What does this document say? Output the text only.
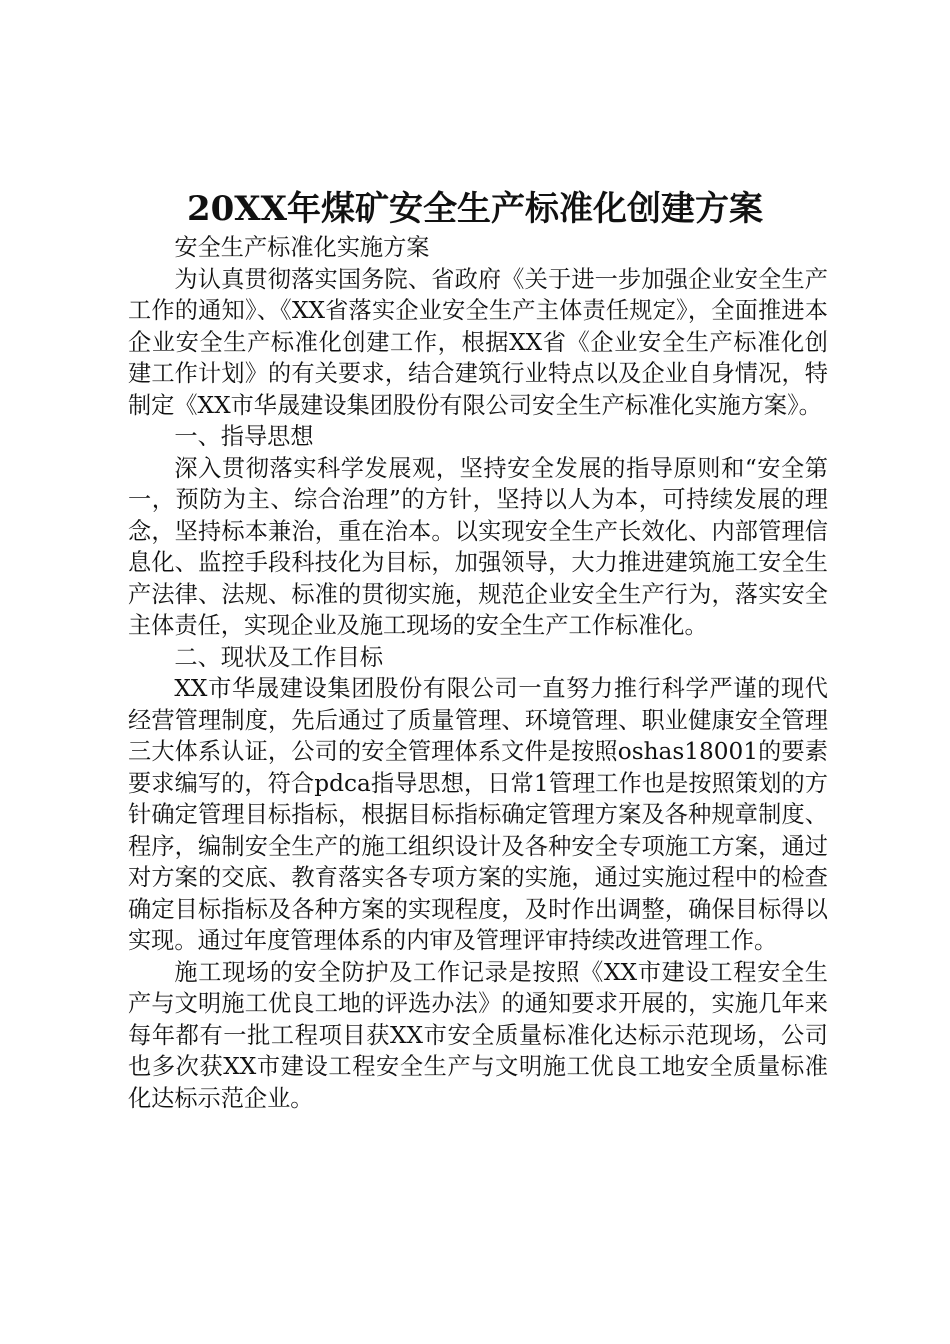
20XX年煤矿安全生产标准化创建方案

安全生产标准化实施方案

为认真贯彻落实国务院、省政府《关于进一步加强企业安全生产工作的通知》、《XX省落实企业安全生产主体责任规定》，全面推进本企业安全生产标准化创建工作，根据XX省《企业安全生产标准化创建工作计划》的有关要求，结合建筑行业特点以及企业自身情况，特制定《XX市华晟建设集团股份有限公司安全生产标准化实施方案》。

一、指导思想

深入贯彻落实科学发展观，坚持安全发展的指导原则和“安全第一，预防为主、综合治理”的方针，坚持以人为本，可持续发展的理念，坚持标本兼治，重在治本。以实现安全生产长效化、内部管理信息化、监控手段科技化为目标，加强领导，大力推进建筑施工安全生产法律、法规、标准的贯彻实施，规范企业安全生产行为，落实安全主体责任，实现企业及施工现场的安全生产工作标准化。

二、现状及工作目标

XX市华晟建设集团股份有限公司一直努力推行科学严谨的现代经营管理制度，先后通过了质量管理、环境管理、职业健康安全管理三大体系认证，公司的安全管理体系文件是按照oshas18001的要素要求编写的，符合pdca指导思想，日常1管理工作也是按照策划的方针确定管理目标指标，根据目标指标确定管理方案及各种规章制度、程序，编制安全生产的施工组织设计及各种安全专项施工方案，通过对方案的交底、教育落实各专项方案的实施，通过实施过程中的检查确定目标指标及各种方案的实现程度，及时作出调整，确保目标得以实现。通过年度管理体系的内审及管理评审持续改进管理工作。

施工现场的安全防护及工作记录是按照《XX市建设工程安全生产与文明施工优良工地的评选办法》的通知要求开展的，实施几年来每年都有一批工程项目获XX市安全质量标准化达标示范现场，公司也多次获XX市建设工程安全生产与文明施工优良工地安全质量标准化达标示范企业。
